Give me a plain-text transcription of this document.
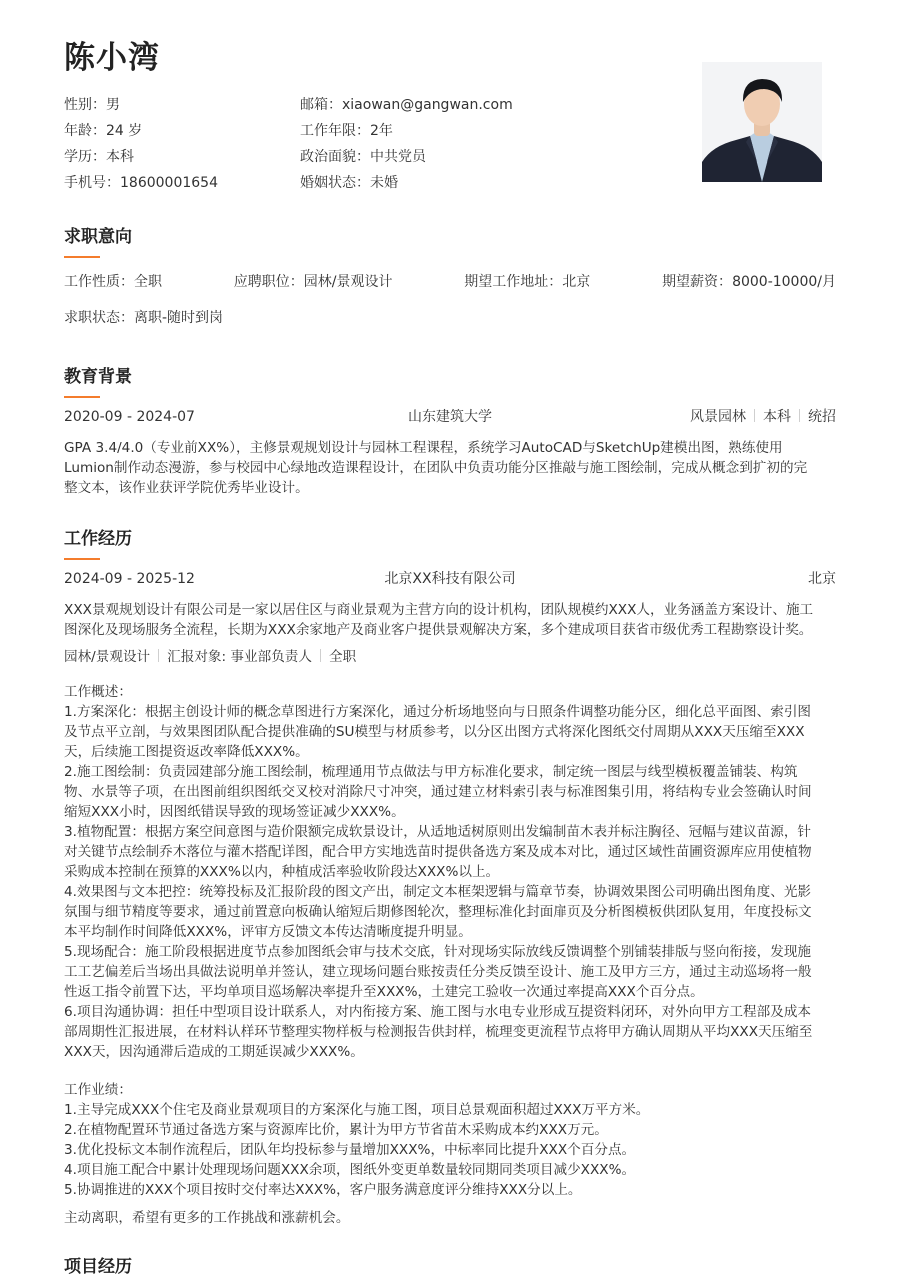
陈小湾
性别：男	邮箱：xiaowan@gangwan.com
年龄：24 岁	工作年限：2年
学历：本科	政治面貌：中共党员
手机号：18600001654	婚姻状态：未婚
求职意向
工作性质：全职	应聘职位：园林/景观设计	期望工作地址：北京	期望薪资：8000-10000/月
求职状态：离职-随时到岗
教育背景
2020-09 - 2024-07	山东建筑大学	风景园林 本科 统招
GPA 3.4/4.0（专业前XX%），主修景观规划设计与园林工程课程，系统学习AutoCAD与SketchUp建模出图，熟练使用
Lumion制作动态漫游，参与校园中心绿地改造课程设计，在团队中负责功能分区推敲与施工图绘制，完成从概念到扩初的完
整文本，该作业获评学院优秀毕业设计。
工作经历
2024-09 - 2025-12	北京XX科技有限公司	北京
XXX景观规划设计有限公司是一家以居住区与商业景观为主营方向的设计机构，团队规模约XXX人，业务涵盖方案设计、施工
图深化及现场服务全流程，长期为XXX余家地产及商业客户提供景观解决方案，多个建成项目获省市级优秀工程勘察设计奖。
园林/景观设计 汇报对象: 事业部负责人 全职
工作概述：
1.方案深化：根据主创设计师的概念草图进行方案深化，通过分析场地竖向与日照条件调整功能分区，细化总平面图、索引图
及节点平立剖，与效果图团队配合提供准确的SU模型与材质参考，以分区出图方式将深化图纸交付周期从XXX天压缩至XXX
天，后续施工图提资返改率降低XXX%。
2.施工图绘制：负责园建部分施工图绘制，梳理通用节点做法与甲方标准化要求，制定统一图层与线型模板覆盖铺装、构筑
物、水景等子项，在出图前组织图纸交叉校对消除尺寸冲突，通过建立材料索引表与标准图集引用，将结构专业会签确认时间
缩短XXX小时，因图纸错误导致的现场签证减少XXX%。
3.植物配置：根据方案空间意图与造价限额完成软景设计，从适地适树原则出发编制苗木表并标注胸径、冠幅与建议苗源，针
对关键节点绘制乔木落位与灌木搭配详图，配合甲方实地选苗时提供备选方案及成本对比，通过区域性苗圃资源库应用使植物
采购成本控制在预算的XXX%以内，种植成活率验收阶段达XXX%以上。
4.效果图与文本把控：统筹投标及汇报阶段的图文产出，制定文本框架逻辑与篇章节奏，协调效果图公司明确出图角度、光影
氛围与细节精度等要求，通过前置意向板确认缩短后期修图轮次，整理标准化封面扉页及分析图模板供团队复用，年度投标文
本平均制作时间降低XXX%，评审方反馈文本传达清晰度提升明显。
5.现场配合：施工阶段根据进度节点参加图纸会审与技术交底，针对现场实际放线反馈调整个别铺装排版与竖向衔接，发现施
工工艺偏差后当场出具做法说明单并签认，建立现场问题台账按责任分类反馈至设计、施工及甲方三方，通过主动巡场将一般
性返工指令前置下达，平均单项目巡场解决率提升至XXX%，土建完工验收一次通过率提高XXX个百分点。
6.项目沟通协调：担任中型项目设计联系人，对内衔接方案、施工图与水电专业形成互提资料闭环，对外向甲方工程部及成本
部周期性汇报进展，在材料认样环节整理实物样板与检测报告供封样，梳理变更流程节点将甲方确认周期从平均XXX天压缩至
XXX天，因沟通滞后造成的工期延误减少XXX%。
工作业绩：
1.主导完成XXX个住宅及商业景观项目的方案深化与施工图，项目总景观面积超过XXX万平方米。
2.在植物配置环节通过备选方案与资源库比价，累计为甲方节省苗木采购成本约XXX万元。
3.优化投标文本制作流程后，团队年均投标参与量增加XXX%，中标率同比提升XXX个百分点。
4.项目施工配合中累计处理现场问题XXX余项，图纸外变更单数量较同期同类项目减少XXX%。
5.协调推进的XXX个项目按时交付率达XXX%，客户服务满意度评分维持XXX分以上。
主动离职，希望有更多的工作挑战和涨薪机会。
项目经历
